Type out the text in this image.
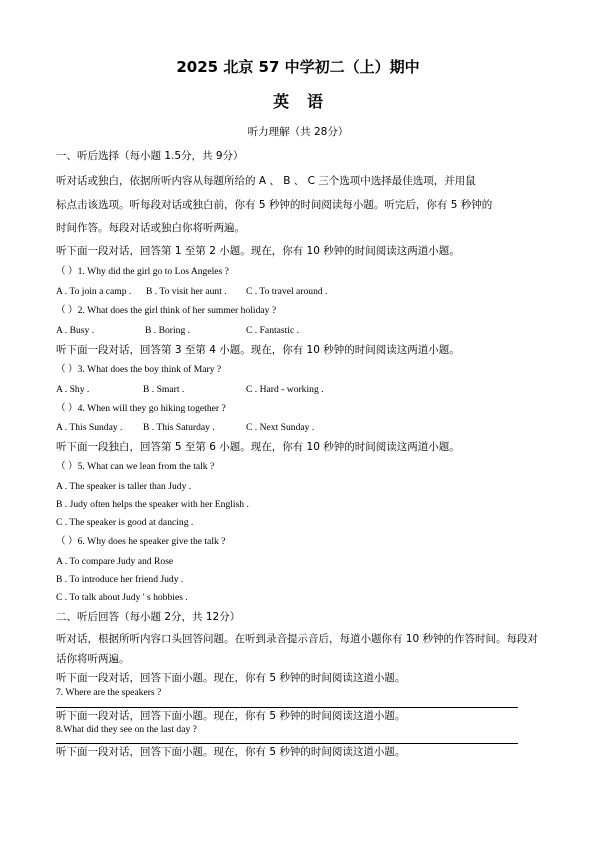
2025 北京 57 中学初二（上）期中
英语
听力理解（共 28分）
一、听后选择（每小题 1.5分，共 9分）
听对话或独白，依据所听内容从每题所给的 A 、 B 、 C 三个选项中选择最佳选项，并用鼠
标点击该选项。听每段对话或独白前，你有 5 秒钟的时间阅读每小题。听完后，你有 5 秒钟的
时间作答。每段对话或独白你将听两遍。
听下面一段对话，回答第 1 至第 2 小题。现在，你有 10 秒钟的时间阅读这两道小题。
（ ）1. Why did the girl go to Los Angeles ?
A . To join a camp . B . To visit her aunt . C . To travel around .
（ ）2. What does the girl think of her summer holiday ?
A . Busy .	B . Boring .	C . Fantastic .
听下面一段对话，回答第 3 至第 4 小题。现在，你有 10 秒钟的时间阅读这两道小题。
（ ）3. What does the boy think of Mary ?
A . Shy .	B . Smart .	C . Hard - working .
（ ）4. When will they go hiking together ?
A . This Sunday . B . This Saturday .	C . Next Sunday .
听下面一段独白，回答第 5 至第 6 小题。现在，你有 10 秒钟的时间阅读这两道小题。
（ ）5. What can we lean from the talk ?
A . The speaker is taller than Judy .
B . Judy often helps the speaker with her English .
C . The speaker is good at dancing .
（ ）6. Why does he speaker give the talk ?
A . To compare Judy and Rose
B . To introduce her friend Judy .
C . To talk about Judy ' s hobbies .
二、听后回答（每小题 2分，共 12分）
听对话，根据所听内容口头回答问题。在听到录音提示音后，每道小题你有 10 秒钟的作答时间。每段对
话你将听两遍。
听下面一段对话，回答下面小题。现在，你有 5 秒钟的时间阅读这道小题。
7. Where are the speakers ?
听下面一段对话，回答下面小题。现在，你有 5 秒钟的时间阅读这道小题。
8.What did they see on the last day ?
听下面一段对话，回答下面小题。现在，你有 5 秒钟的时间阅读这道小题。
